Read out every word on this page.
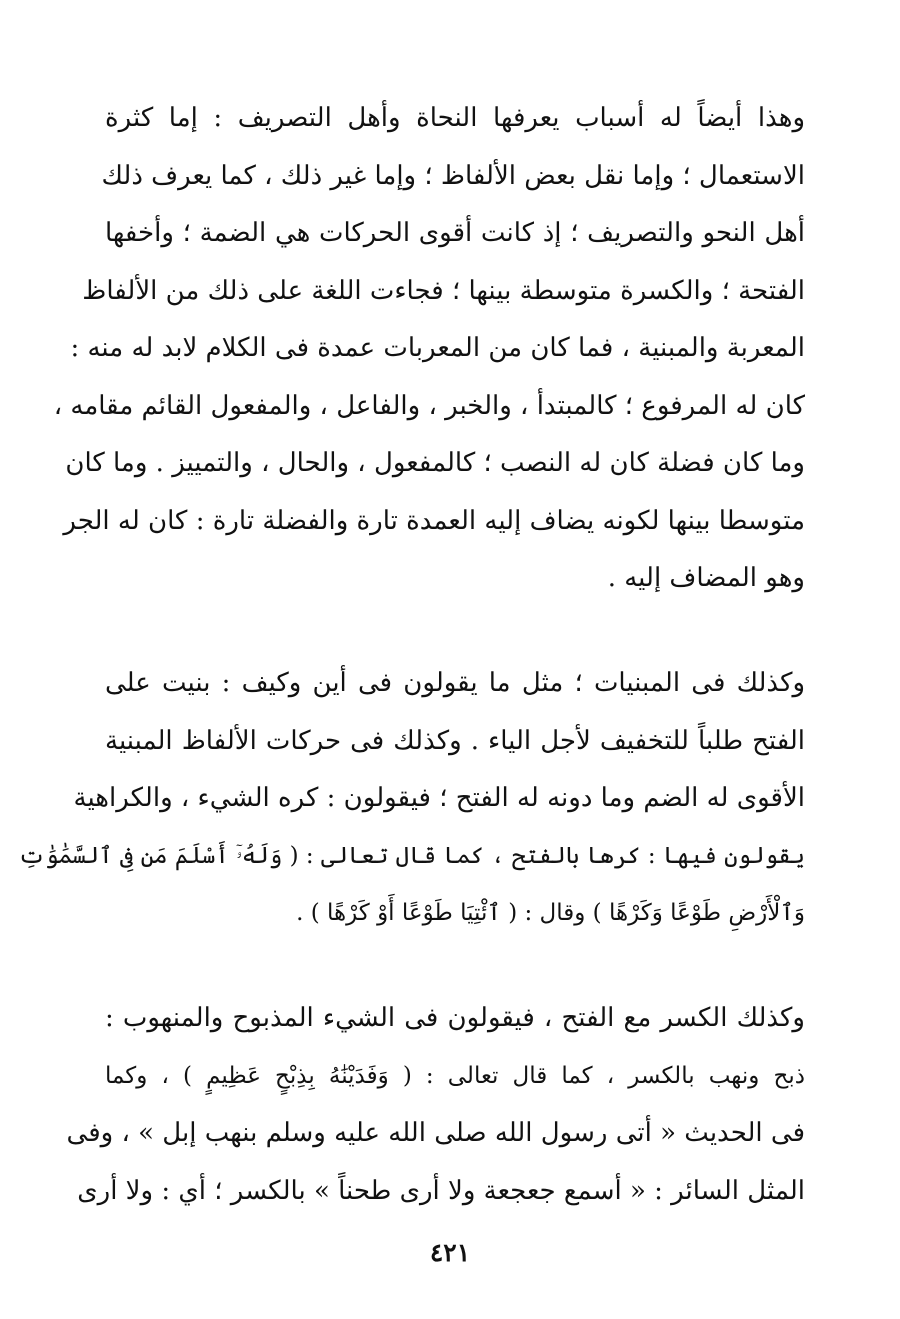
وهذا أيضاً له أسباب يعرفها النحاة وأهل التصريف : إما كثرة
الاستعمال ؛ وإما نقل بعض الألفاظ ؛ وإما غير ذلك ، كما يعرف ذلك
أهل النحو والتصريف ؛ إذ كانت أقوى الحركات هي الضمة ؛ وأخفها
الفتحة ؛ والكسرة متوسطة بينها ؛ فجاءت اللغة على ذلك من الألفاظ
المعربة والمبنية ، فما كان من المعربات عمدة فى الكلام لابد له منه :
كان له المرفوع ؛ كالمبتدأ ، والخبر ، والفاعل ، والمفعول القائم مقامه ،
وما كان فضلة كان له النصب ؛ كالمفعول ، والحال ، والتمييز . وما كان
متوسطا بينها لكونه يضاف إليه العمدة تارة والفضلة تارة : كان له الجر
وهو المضاف إليه .
وكذلك فى المبنيات ؛ مثل ما يقولون فى أين وكيف : بنيت على
الفتح طلباً للتخفيف لأجل الياء . وكذلك فى حركات الألفاظ المبنية
الأقوى له الضم وما دونه له الفتح ؛ فيقولون : كره الشيء ، والكراهية
يقولون فيها : كرها بالفتح ، كما قال تعالى : ( وَلَهُۥٓ أَسْلَمَ مَن فِى ٱلسَّمَٰوَٰتِ
وَٱلْأَرْضِ طَوْعًا وَكَرْهًا ) وقال : ( ٱئْتِيَا طَوْعًا أَوْ كَرْهًا ) .
وكذلك الكسر مع الفتح ، فيقولون فى الشيء المذبوح والمنهوب :
ذبح ونهب بالكسر ، كما قال تعالى : ( وَفَدَيْنَٰهُ بِذِبْحٍ عَظِيمٍ ) ، وكما
فى الحديث « أتى رسول الله صلى الله عليه وسلم بنهب إبل » ، وفى
المثل السائر : « أسمع جعجعة ولا أرى طحناً » بالكسر ؛ أي : ولا أرى
٤٢١
